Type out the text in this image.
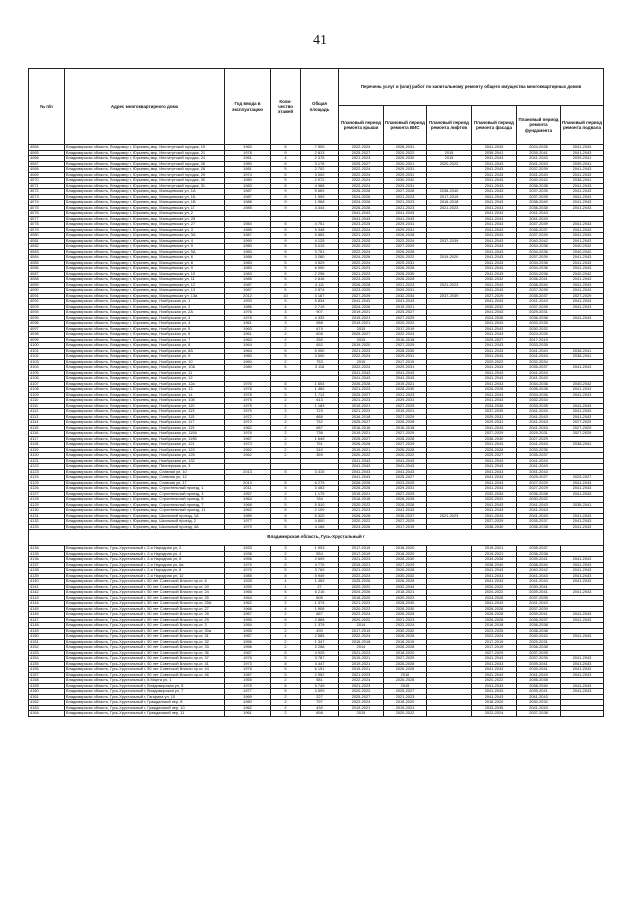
41
№ п/п	Адрес многоквартирного дома	Год ввода в эксплуатацию	Коли-чество этажей	Общая площадь	Перечень услуг и (или) работ по капитальному ремонту общего имущества многоквартирных домов					
					Плановый период ремонта крыши	Плановый период ремонта ВИС	Плановый период ремонта лифтов	Плановый период ремонта фасада	Плановый период ремонта фундамента	Плановый период ремонта подвала
4064	Владимирская область, Владимир г, Юрьевец мкр, Институтский городок, 19	1963	5	7 500	2022-2024	2026-2031		2041-2043	2024-2026	2041-2043
4065	Владимирская область, Владимир г, Юрьевец мкр, Институтский городок, 21	1978	9	2 813	2025-2027	2020-2022	2015	2039-2041	2039-2041	2041-2043
4066	Владимирская область, Владимир г, Юрьевец мкр, Институтский городок, 24	1961	4	2 375	2021-2023	2029-2030	2015	2041-2043	2041-2043	2039-2041
4067	Владимирская область, Владимир г, Юрьевец мкр, Институтский городок, 26	1980	5	3 176	2025-2027	2020-2021	2020-2022	2041-2043	2041-2043	2039-2041
4068	Владимирская область, Владимир г, Юрьевец мкр, Институтский городок, 28	1981	5	2 702	2022-2024	2029-2031		2041-2043	2037-2039	2041-2043
4069	Владимирская область, Владимир г, Юрьевец мкр, Институтский городок, 29	1974	5	3 000	2022-2024	2029-2031		2041-2043	2041-2043	2041-2043
4070	Владимирская область, Владимир г, Юрьевец мкр, Институтский городок, 30	1980	5	2 972	2022-2024	2030-2032		2041-2043	2040-2042	2038-2041
4071	Владимирская область, Владимир г, Юрьевец мкр, Институтский городок, 31	1983	5	4 988	2022-2024	2029-2031		2041-2043	2036-2038	2041-2043
4072	Владимирская область, Владимир г, Юрьевец мкр, Мальцевская ул, 1А	1987	9	5 669	2026-2028	2027-2028	2038-2040	2041-2043	2037-2039	2041-2043
4073	Владимирская область, Владимир г, Юрьевец мкр, Мальцевская ул, 1Б	1987	9	1 959	2024-2026	2021-2023	2017-2019	2041-2043	2037-2039	2041-2043
4074	Владимирская область, Владимир г, Юрьевец мкр, Мальцевская ул, 1В	1988	9	1 968	2024-2026	2021-2023	2016-2018	2041-2043	2038-2040	2041-2043
4075	Владимирская область, Владимир г, Юрьевец мкр, Мальцевская ул, 1Г	1985	9	4 344	2026-2028	2021-2023	2021-2023	2041-2043	2036-2038	2041-2043
4076	Владимирская область, Владимир г, Юрьевец мкр, Мальцевская ул, 2				2041-2043	2041-2043		2041-2043	2041-2043	
4077	Владимирская область, Владимир г, Юрьевец мкр, Мальцевская ул, 25				2041-2043	2041-2043		2041-2043	2041-2043	
4078	Владимирская область, Владимир г, Юрьевец мкр, Мальцевская ул, 27	1984	5	4 751	2023-2025	2029-2031		2041-2043	2037-2039	2041-2043
4079	Владимирская область, Владимир г, Юрьевец мкр, Мальцевская ул, 3	1985	5	5 348	2022-2024	2029-2031		2041-2043	2035-2037	2041-2043
4080	Владимирская область, Владимир г, Юрьевец мкр, Мальцевская ул, 3А	1987	5	5 865	2021-2023	2026-2028		2041-2043	2037-2039	2041-2043
4081	Владимирская область, Владимир г, Юрьевец мкр, Мальцевская ул, 4	1990	9	4 125	2023-2025	2022-2024	2037-2039	2041-2043	2040-2042	2041-2043
4082	Владимирская область, Владимир г, Юрьевец мкр, Мальцевская ул, 5	1980	5	5 019	2020-2022	2027-2029		2041-2043	2034-2036	2040-2042
4083	Владимирская область, Владимир г, Юрьевец мкр, Мальцевская ул, 5А	1983	5	3 751	2022-2024	2026-2028		2041-2043	2034-2036	2040-2042
4084	Владимирская область, Владимир г, Юрьевец мкр, Мальцевская ул, 6	1988	9	3 280	2024-2026	2020-2022	2019-2020	2041-2043	2037-2039	2041-2043
4085	Владимирская область, Владимир г, Юрьевец мкр, Мальцевская ул, 8	1983	5	3 529	2022-2024	2029-2031		2041-2043	2034-2036	2041-2043
4086	Владимирская область, Владимир г, Юрьевец мкр, Мальцевская ул, 9	1983	5	6 090	2021-2023	2026-2028		2041-2043	2034-2036	2041-2043
4087	Владимирская область, Владимир г, Юрьевец мкр, Мальцевская ул, 10	1983	5	2 296	2021-2023	2028-2030		2041-2043	2034-2036	2040-2042
4088	Владимирская область, Владимир г, Юрьевец мкр, Мальцевская ул, 11	1985	5	2 816	2023-2025	2026-2028		2030-2032	2036-2041	2041-2043
4089	Владимирская область, Владимир г, Юрьевец мкр, Мальцевская ул, 12	1987	9	4 111	2026-2028	2021-2023	2021-2023	2041-2043	2038-2040	2041-2043
4090	Владимирская область, Владимир г, Юрьевец мкр, Мальцевская ул, 13	1987	5	2 874	2023-2025	2029-2031		2041-2043	2037-2039	2041-2043
4091	Владимирская область, Владимир г, Юрьевец мкр, Мальцевская ул, 13а	2012	10	3 167	2027-2029	2032-2034	2037-2039	2027-2029	2035-2037	2027-2029
4092	Владимирская область, Владимир г, Юрьевец мкр, Ноябрьская ул, 1	1993	5	5 834	2041-2043	2041-2043		2041-2043	2041-2043	2041-2043
4093	Владимирская область, Владимир г, Юрьевец мкр, Ноябрьская ул, 2	1986	4	2 719	2024-2026	2019-2021		2030-2032	2037-2039	2041-2043
4094	Владимирская область, Владимир г, Юрьевец мкр, Ноябрьская ул, 2А	1976	3	907	2019-2021	2025-2027		2041-2043	2029-2031	
4095	Владимирская область, Владимир г, Юрьевец мкр, Ноябрьская ул, 3	1976	5	4 332	2019-2021	2027-2029		2024-2026	2036-2038	2041-2043
4096	Владимирская область, Владимир г, Юрьевец мкр, Ноябрьская ул, 4	1961	3	988	2019-2021	2020-2022		2041-2043	2033-2035	
4097	Владимирская область, Владимир г, Юрьевец мкр, Ноябрьская ул, 5	1963	2	674	2015	2017-2019		2041-2043	2030-2032	
4098	Владимирская область, Владимир г, Юрьевец мкр, Ноябрьская ул, 6	1961	2	608	2025-2027	2022-2024		2041-2043	2024-2026	
4099	Владимирская область, Владимир г, Юрьевец мкр, Ноябрьская ул, 7	1963	2	330	2015	2016-2018		2025-2027	2017-2019	
4100	Владимирская область, Владимир г, Юрьевец мкр, Ноябрьская ул, 8	1964	2	652	2019-2020	2027-2029		2041-2043	2033-2035	
4101	Владимирская область, Владимир г, Юрьевец мкр, Ноябрьская ул, 8А	1964	5	5 050	2021-2023	2028-2030		2041-2043	2041-2043	2038-2041
4102	Владимирская область, Владимир г, Юрьевец мкр, Ноябрьская ул, 9	1960	5	3 590	2022-2024	2029-2031		2041-2043	2041-2043	2038-2041
4103	Владимирская область, Владимир г, Юрьевец мкр, Ноябрьская ул, 10	1960	2	753	2015	2017-2019		2020-2022	2032-2034	
4104	Владимирская область, Владимир г, Юрьевец мкр, Ноябрьская ул, 10А	1980	5	3 118	2022-2024	2029-2031		2041-2043	2035-2037	2041-2043
4105	Владимирская область, Владимир г, Юрьевец мкр, Ноябрьская ул, 11				2041-2043	2041-2043		2041-2043	2041-2043	
4106	Владимирская область, Владимир г, Юрьевец мкр, Ноябрьская ул, 12				2041-2043	2041-2043		2041-2043	2041-2043	
4107	Владимирская область, Владимир г, Юрьевец мкр, Ноябрьская ул, 12а	1976	5	1 604	2026-2028	2019-2021		2041-2043	2034-2036	2040-2042
4108	Владимирская область, Владимир г, Юрьевец мкр, Ноябрьская ул, 13	1976	5	1 360	2021-2023	2028-2030		2026-2028	2036-2038	2041-2043
4109	Владимирская область, Владимир г, Юрьевец мкр, Ноябрьская ул, 14	1978	5	1 712	2025-2027	2021-2023		2041-2043	2034-2036	2041-2043
4110	Владимирская область, Владимир г, Юрьевец мкр, Ноябрьская ул, 108	1975	2	613	2021-2023	2029-2031		2041-2043	2032-2034	
4111	Владимирская область, Владимир г, Юрьевец мкр, Ноябрьская ул, 110	1975	2	1 183	2019-2021	2027-2029		2034-2036	2033-2035	2041-2043
4112	Владимирская область, Владимир г, Юрьевец мкр, Ноябрьская ул, 113	1979	2	723	2021-2023	2019-2021		2037-2039	2041-2043	2041-2043
4113	Владимирская область, Владимир г, Юрьевец мкр, Ноябрьская ул, 115	1972	2	688	2016-2018	2027-2029		2029-2031	2041-2043	2041-2043
4114	Владимирская область, Владимир г, Юрьевец мкр, Ноябрьская ул, 117	1972	2	752	2025-2027	2026-2028		2029-2031	2041-2043	2027-2029
4115	Владимирская область, Владимир г, Юрьевец мкр, Ноябрьская ул, 119	1962	2	587	2016-2018	2016-2018		2041-2043	2041-2043	2027-2029
4116	Владимирская область, Владимир г, Юрьевец мкр, Ноябрьская ул, 119А	1976	2	736	2019-2021	2027-2029		2027-2029	2029-2031	2027-2029
4117	Владимирская область, Владимир г, Юрьевец мкр, Ноябрьская ул, 119Б	1967	2	1 649	2025-2027	2026-2028		2038-2040	2027-2029	
4118	Владимирская область, Владимир г, Юрьевец мкр, Ноябрьская ул, 121	1973	2	751	2026-2028	2027-2029		2041-2043	2041-2043	2038-2041
4119	Владимирская область, Владимир г, Юрьевец мкр, Ноябрьская ул, 123	1962	2	310	2019-2021	2026-2028		2026-2028	2033-2035	
4120	Владимирская область, Владимир г, Юрьевец мкр, Ноябрьская ул, 125	1962	2	359	2020-2022	2020-2022		2025-2027	2035-2037	
4121	Владимирская область, Владимир г, Юрьевец мкр, Ноябрьская ул, 132				2041-2043	2041-2043		2041-2043	2041-2043	
4122	Владимирская область, Владимир г, Юрьевец мкр, Пионерская ул, 3				2041-2043	2041-2043		2041-2043	2041-2043	
4123	Владимирская область, Владимир г, Юрьевец мкр, Славная ул, 10	2013	5	3 415	2041-2043	2041-2043		2041-2043	2041-2043	
4124	Владимирская область, Владимир г, Юрьевец мкр, Славная ул, 12				2041-2043	2025-2027		2041-2043	2025-2027	2025-2027
4125	Владимирская область, Владимир г, Юрьевец мкр, Славная ул, 17	2013	5	6 279	2026-2028	2023-2025		2041-2043	2027-2029	2041-2043
4126	Владимирская область, Владимир г, Юрьевец мкр, Строительный проезд, 1	2011	5	3 483	2026-2028	2029-2031		2041-2043	2027-2029	2041-2043
4127	Владимирская область, Владимир г, Юрьевец мкр, Строительный проезд, 3	1957	2	1 179	2019-2021	2027-2029		2032-2034	2036-2038	2041-2043
4128	Владимирская область, Владимир г, Юрьевец мкр, Строительный проезд, 5	1964	2	764	2016-2018	2026-2028		2020-2022	2030-2032	
4129	Владимирская область, Владимир г, Юрьевец мкр, Строительный проезд, 7	1968	5	5 510	2020-2022	2026-2028		2041-2043	2041-2043	2038-2041
4130	Владимирская область, Владимир г, Юрьевец мкр, Строительный проезд, 11	1962	5	2 109	2021-2023	2041-2043		2041-2043	2041-2043	
4131	Владимирская область, Владимир г, Юрьевец мкр, Школьный проезд, 1А	1989	9	5 320	2026-2028	2035-2037	2021-2023	2041-2043	2041-2043	2041-2043
4132	Владимирская область, Владимир г, Юрьевец мкр, Школьный проезд, 2	1977	5	4 600	2020-2022	2027-2029		2027-2029	2035-2037	2041-2043
4133	Владимирская область, Владимир г, Юрьевец мкр, Школьный проезд, 4А	1979	5	4 166	2024-2026	2017-2019		2038-2040	2036-2038	2041-2043
Владимирская область, Гусь-Хрустальный г										
4134	Владимирская область, Гусь-Хрустальный г, 2-я Народная ул, 2	1933	3	1 903	2017-2019	2018-2020		2019-2021	2035-2037	
4135	Владимирская область, Гусь-Хрустальный г, 2-я Народная ул, 4	1938	2	554	2017-2019	2018-2020		2019-2021	2036-2038	
4136	Владимирская область, Гусь-Хрустальный г, 2-я Народная ул, 6	1956	3	2 609	2021-2023	2028-2030		2034-2036	2039-2041	2041-2043
4137	Владимирская область, Гусь-Хрустальный г, 2-я Народная ул, 6а	1979	5	4 775	2019-2021	2027-2029		2038-2040	2038-2040	2041-2043
4138	Владимирская область, Гусь-Хрустальный г, 2-я Народная ул, 8	1979	5	3 769	2021-2023	2026-2028		2041-2043	2040-2042	2041-2043
4139	Владимирская область, Гусь-Хрустальный г, 2-я Народная ул, 12	1985	5	5 949	2022-2024	2030-2032		2041-2043	2041-2043	2041-2043
4140	Владимирская область, Гусь-Хрустальный г, 50 лет Советской Власти пр-кт, 8	1928	4	1 469	2025-2026	2026-2028		2041-2043	2041-2043	2041-2043
4141	Владимирская область, Гусь-Хрустальный г, 50 лет Советской Власти пр-кт, 20	1939	1	27	2020-2022	2032-2034		2020-2022	2030-2041	
4142	Владимирская область, Гусь-Хрустальный г, 50 лет Советской Власти пр-кт, 24	1966	5	5 216	2024-2026	2018-2021		2020-2022	2039-2041	2041-2043
4143	Владимирская область, Гусь-Хрустальный г, 50 лет Советской Власти пр-кт, 25	1964	2	605	2018-2020	2020-2022		2024-2026	2037-2039	
4144	Владимирская область, Гусь-Хрустальный г, 50 лет Советской Власти пр-кт, 25А	1962	2	1 375	2021-2023	2028-2030		2041-2043	2041-2043	
4145	Владимирская область, Гусь-Хрустальный г, 50 лет Советской Власти пр-кт, 27	1966	4	1 908	2020-2022	2028-2030		2026-2028	2037-2039	
4146	Владимирская область, Гусь-Хрустальный г, 50 лет Советской Власти пр-кт, 28	1967	2	667	2022-2024	2026-2028		2026-2028	2039-2041	2041-2043
4147	Владимирская область, Гусь-Хрустальный г, 50 лет Советской Власти пр-кт, 29	1955	5	2 868	2020-2022	2021-2023		2026-2028	2035-2037	2041-2043
4148	Владимирская область, Гусь-Хрустальный г, 50 лет Советской Власти пр-кт, 3	1954	2	1 379	2014	2022-2024		2016-2018	2036-2038	
4149	Владимирская область, Гусь-Хрустальный г, 50 лет Советской Власти пр-кт, 30а	1955	2	490	2017-2019	2030-2032		2023-2025	2036-2038	
4150	Владимирская область, Гусь-Хрустальный г, 50 лет Советской Власти пр-кт, 31	1967	4	2 585	2022-2024	2026-2028		2022-2024	2040-2042	2041-2043
4151	Владимирская область, Гусь-Хрустальный г, 50 лет Советской Власти пр-кт, 32	1956	2	1 347	2016-2018	2018-2019		2017-2019	2029-2031	
4152	Владимирская область, Гусь-Хрустальный г, 50 лет Советской Власти пр-кт, 33	1956	2	2 258	2014	2026-2028		2017-2019	2036-2038	
4153	Владимирская область, Гусь-Хрустальный г, 50 лет Советской Власти пр-кт, 36	1967	5	4 925	2021-2023	2018-2020		2027-2029	2037-2039	
4154	Владимирская область, Гусь-Хрустальный г, 50 лет Советской Власти пр-кт, 37	1976	5	3 787	2019-2021	2027-2029		2041-2043	2037-2039	2041-2043
4155	Владимирская область, Гусь-Хрустальный г, 50 лет Советской Власти пр-кт, 41	1973	5	4 447	2019-2021	2026-2028		2041-2043	2039-2041	2041-2043
4156	Владимирская область, Гусь-Хрустальный г, 50 лет Советской Власти пр-кт, 44	1976	5	6 191	2019-2021	2026-2028		2041-2043	2039-2041	2041-2043
4157	Владимирская область, Гусь-Хрустальный г, 50 лет Советской Власти пр-кт, 46	1987	5	2 952	2021-2023	2016		2041-2043	2041-2043	2041-2043
4158	Владимирская область, Гусь-Хрустальный г, 8 Марта ул, 1	1955	2	581	2022-2024	2026-2028		2020-2022	2036-2038	
4159	Владимирская область, Гусь-Хрустальный г, Владимирская ул, 5	1975	5	5 749	2021-2023	2015		2041-2043	2038-2040	2041-2043
4160	Владимирская область, Гусь-Хрустальный г, Владимирская ул, 7	1977	5	3 599	2020-2022	2025-2027		2041-2043	2039-2041	2041-2043
4161	Владимирская область, Гусь-Хрустальный г, Гагарина ул, 10	1969	2	227	2025-2027	2021-2023		2041-2043	2041-2043	
4162	Владимирская область, Гусь-Хрустальный г, Гражданский пер, 8	1980	2	797	2022-2024	2018-2020		2018-2020	2030-2032	
4163	Владимирская область, Гусь-Хрустальный г, Гражданский пер, 10	1962	2	430	2019-2021	2019-2021		2033-2035	2041-2043	
4164	Владимирская область, Гусь-Хрустальный г, Гражданский пер, 11	1961	2	898	2015	2020-2022		2022-2024	2037-2038	
